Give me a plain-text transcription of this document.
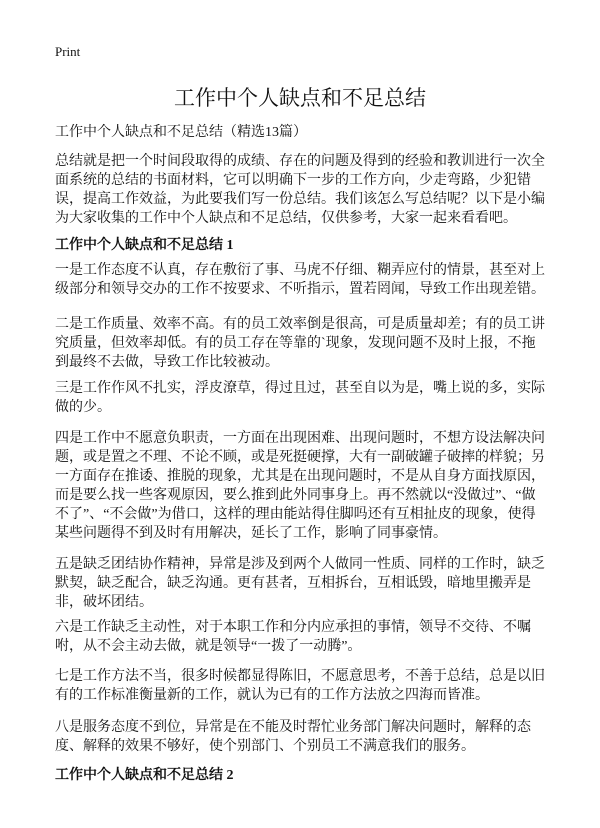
Print
工作中个人缺点和不足总结
工作中个人缺点和不足总结（精选13篇）

总结就是把一个时间段取得的成绩、存在的问题及得到的经验和教训进行一次全面系统的总结的书面材料，它可以明确下一步的工作方向，少走弯路，少犯错误，提高工作效益，为此要我们写一份总结。我们该怎么写总结呢？以下是小编为大家收集的工作中个人缺点和不足总结，仅供参考，大家一起来看看吧。

工作中个人缺点和不足总结 1

一是工作态度不认真，存在敷衍了事、马虎不仔细、糊弄应付的情景，甚至对上级部分和领导交办的工作不按要求、不听指示，置若罔闻，导致工作出现差错。

二是工作质量、效率不高。有的员工效率倒是很高，可是质量却差；有的员工讲究质量，但效率却低。有的员工存在等靠的`现象，发现问题不及时上报，不拖到最终不去做，导致工作比较被动。

三是工作作风不扎实，浮皮潦草，得过且过，甚至自以为是，嘴上说的多，实际做的少。

四是工作中不愿意负职责，一方面在出现困难、出现问题时，不想方设法解决问题，或是置之不理、不论不顾，或是死挺硬撑，大有一副破罐子破摔的样貌；另一方面存在推诿、推脱的现象，尤其是在出现问题时，不是从自身方面找原因，而是要么找一些客观原因，要么推到此外同事身上。再不然就以“没做过”、“做不了”、“不会做”为借口，这样的理由能站得住脚吗还有互相扯皮的现象，使得某些问题得不到及时有用解决，延长了工作，影响了同事豪情。

五是缺乏团结协作精神，异常是涉及到两个人做同一性质、同样的工作时，缺乏默契，缺乏配合，缺乏沟通。更有甚者，互相拆台，互相诋毁，暗地里搬弄是非，破坏团结。

六是工作缺乏主动性，对于本职工作和分内应承担的事情，领导不交待、不嘱咐，从不会主动去做，就是领导“一拨了一动腾”。

七是工作方法不当，很多时候都显得陈旧，不愿意思考，不善于总结，总是以旧有的工作标准衡量新的工作，就认为已有的工作方法放之四海而皆准。

八是服务态度不到位，异常是在不能及时帮忙业务部门解决问题时，解释的态度、解释的效果不够好，使个别部门、个别员工不满意我们的服务。

工作中个人缺点和不足总结 2
